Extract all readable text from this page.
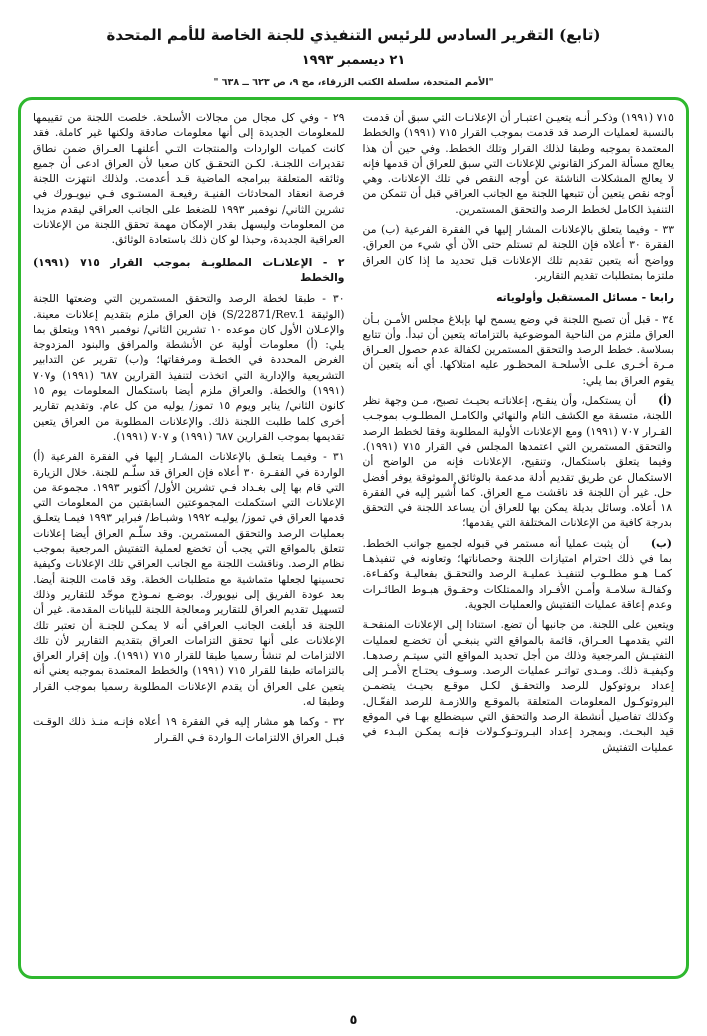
(تابع) التقرير السادس للرئيس التنفيذي للجنة الخاصة للأمم المتحدة
٢١ ديسمبر ١٩٩٣
"الأمم المتحدة، سلسلة الكتب الزرقاء، مج ٩، ص ٦٢٣ ــ ٦٣٨ "

٧١٥ (١٩٩١) وذكـر أنـه يتعيـن اعتبـار أن الإعلانـات التي سبق أن قدمت بالنسبة لعمليات الرصد قد قدمت بموجب القرار ٧١٥ (١٩٩١) والخطط المعتمدة بموجبه وطبقا لذلك القرار وتلك الخطط. وفي حين أن هذا يعالج مسألة المركز القانوني للإعلانات التي سبق للعراق أن قدمها فإنه لا يعالج المشكلات الناشئة عن أوجه النقص في تلك الإعلانات. وهي أوجه نقص يتعين أن تتبعها اللجنة مع الجانب العراقي قبل أن تتمكن من التنفيذ الكامل لخطط الرصد والتحقق المستمرين.

٣٣ - وفيما يتعلق بالإعلانات المشار إليها في الفقرة الفرعية (ب) من الفقرة ٣٠ أعلاه فإن اللجنة لم تستلم حتى الآن أي شيء من العراق. وواضح أنه يتعين تقديم تلك الإعلانات قبل تحديد ما إذا كان العراق ملتزما بمتطلبات تقديم التقارير.

رابعا - مسائل المستقبل وأولوياته

٣٤ - قبل أن تصبح اللجنة في وضع يسمح لها بإبلاغ مجلس الأمـن بـأن العراق ملتزم من الناحية الموضوعية بالتزاماته يتعين أن تبدأ. وأن تتابع بسلاسة. خطط الرصد والتحقق المستمرين لكفالة عدم حصول العـراق مـرة أخـرى علـى الأسلحـة المحظـور عليه امتلاكها. أي أنه يتعين أن يقوم العراق بما يلي:

(أ)أن يستكمل، وأن ينقـح، إعلاناتـه بحيـث تصبح، مـن وجهة نظر اللجنة، متسقة مع الكشف التام والنهائي والكامـل المطلـوب بموجـب القـرار ٧٠٧ (١٩٩١) ومع الإعلانات الأولية المطلوبة وفقا لخطط الرصد والتحقق المستمرين التي اعتمدها المجلس في القرار ٧١٥ (١٩٩١). وفيما يتعلق باستكمال، وتنقيح، الإعلانات فإنه من الواضح أن الاستكمال عن طريق تقديم أدلة مدعمة بالوثائق الموثوقة يوفر أفضل حل. غير أن اللجنة قد ناقشت مـع العراق. كما أُشير إليه في الفقرة ١٨ أعلاه. وسائل بديلة يمكن بها للعراق أن يساعد اللجنة في التحقق بدرجة كافية من الإعلانات المختلفة التي يقدمها؛

(ب)أن يثبت عمليا أنه مستمر في قبوله لجميع جوانب الخطط. بما في ذلك احترام امتيازات اللجنة وحصاناتها؛ وتعاونه في تنفيذهـا كمـا هـو مطلـوب لتنفيـذ عمليـة الرصد والتحقـق بفعاليـة وكفـاءة. وكفالـة سلامـة وأمـن الأفـراد والممتلكات وحقـوق هبـوط الطائـرات وعدم إعاقة عمليات التفتيش والعمليات الجوية.

ويتعين على اللجنة. من جانبها أن تضع. استنادا إلى الإعلانات المنقحـة التي يقدمهـا العـراق، قائمة بالمواقع التي ينبغـي أن تخضـع لعمليات التفتيـش المرجعية وذلك من أجل تحديد المواقع التي سيتـم رصدهـا. وكيفيـة ذلك. ومـدى تواتـر عمليات الرصد. وسـوف يحتـاج الأمـر إلى إعداد بروتوكول للرصد والتحقـق لكـل موقـع بحيـث يتضمـن البروتوكـول المعلومات المتعلقة بالموقـع واللازمـة للرصد الفعّـال. وكذلك تفاصيل أنشطة الرصد والتحقق التي سيضطلع بهـا في الموقع قيد البحـث. وبمجرد إعداد البـروتـوكـولات فإنـه يمكـن البـدء في عمليات التفتيش

٢٩ - وفي كل مجال من مجالات الأسلحة. خلصت اللجنة من تقييمها للمعلومات الجديدة إلى أنها معلومات صادقة ولكنها غير كاملة. فقد كانت كميات الواردات والمنتجات التـي أعلنهـا العـراق ضمن نطاق تقديرات اللجنـة. لكـن التحقـق كان صعبا لأن العراق ادعى أن جميع وثائقه المتعلقة ببرامجه الماضية قـد أعدمت. ولذلك انتهزت اللجنة فرصة انعقاد المحادثات الفنيـة رفيعـة المستـوى فـي نيويـورك في تشرين الثاني/ نوفمبر ١٩٩٣ للضغط على الجانب العراقي ليقدم مزيدا من المعلومات وليسهل بقدر الإمكان مهمة تحقق اللجنة من الإعلانات العراقية الجديدة، وحبذا لو كان ذلك باستعادة الوثائق.

٢ - الإعلانـات المطلوبـة بموجب القرار ٧١٥ (١٩٩١) والخطط

٣٠ - طبقا لخطة الرصد والتحقق المستمرين التي وضعتها اللجنة (الوثيقة S/22871/Rev.1) فإن العراق ملزم بتقديم إعلانات معينة. والإعـلان الأول كان موعده ١٠ تشرين الثاني/ نوفمبر ١٩٩١ ويتعلق بما يلي: (أ) معلومات أولية عن الأنشطة والمرافق والبنود المزدوجة الغرض المحددة في الخطـة ومرفقاتها؛ و(ب) تقرير عن التدابير التشريعية والإدارية التي اتخذت لتنفيذ القرارين ٦٨٧ (١٩٩١) و٧٠٧ (١٩٩١) والخطة. والعراق ملزم أيضا باستكمال المعلومات يوم ١٥ كانون الثاني/ يناير ويوم ١٥ تموز/ يوليه من كل عام. وتقديم تقارير أخرى كلما طلبت اللجنة ذلك. والإعلانات المطلوبة من العراق يتعين تقديمها بموجب القرارين ٦٨٧ (١٩٩١) و ٧٠٧ (١٩٩١).

٣١ - وفيمـا يتعلـق بالإعلانات المشـار إليها في الفقرة الفرعية (أ) الواردة في الفقـرة ٣٠ أعلاه فإن العراق قد سلّـم للجنة. خلال الزيارة التي قام بها إلى بغـداد فـي تشرين الأول/ أكتوبر ١٩٩٣. مجموعة من الإعلانات التي استكملت المجموعتين السابقتين من المعلومات التي قدمها العراق في تموز/ يوليـه ١٩٩٢ وشبـاط/ فبراير ١٩٩٣ فيمـا يتعلـق بعمليات الرصد والتحقق المستمرين. وقد سلّـم العراق أيضا إعلانات تتعلق بالمواقع التي يجب أن تخضع لعملية التفتيش المرجعية بموجب نظام الرصد. وناقشت اللجنة مع الجانب العراقي تلك الإعلانات وكيفية تحسينها لجعلها متماشية مع متطلبات الخطة. وقد قامت اللجنة أيضا. بعد عودة الفريق إلى نيويورك. بوضـع نمـوذج موحّد للتقارير وذلك لتسهيل تقديم العراق للتقارير ومعالجة اللجنة للبيانات المقدمة. غير أن اللجنة قد أبلغت الجانب العراقي أنه لا يمكـن للجنـة أن تعتبر تلك الإعلانات على أنها تحقق التزامات العراق بتقديم التقارير لأن تلك الالتزامات لم تنشأ رسميا طبقا للقرار ٧١٥ (١٩٩١). وإن إقرار العراق بالتزاماته طبقا للقرار ٧١٥ (١٩٩١) والخطط المعتمدة بموجبه يعني أنه يتعين على العراق أن يقدم الإعلانات المطلوبة رسميا بموجب القرار وطبقا له.

٣٢ - وكما هو مشار إليه في الفقرة ١٩ أعلاه فإنـه منـذ ذلك الوقـت قبـل العراق الالتزامات الـواردة فـي القـرار

٥
